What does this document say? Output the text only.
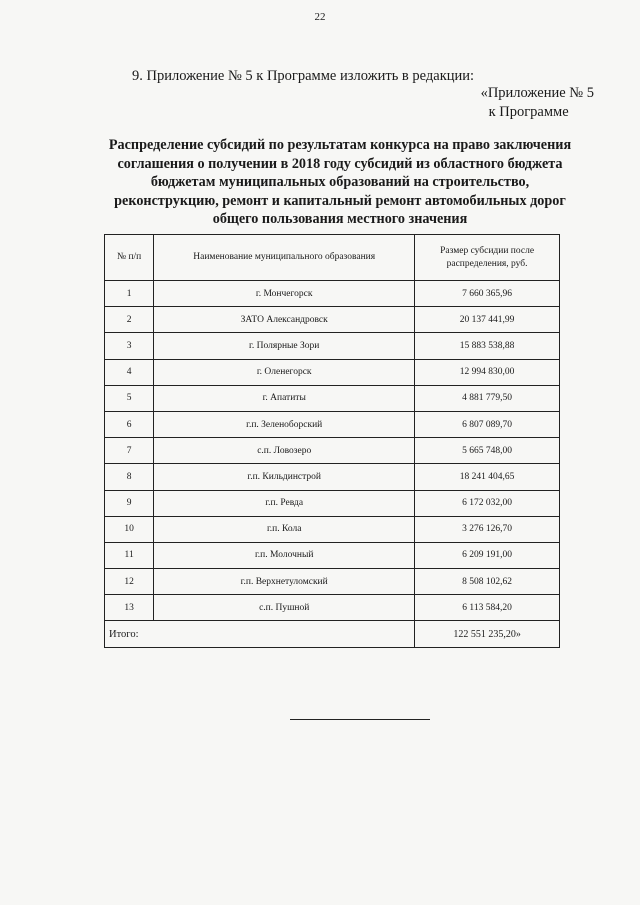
22
9. Приложение № 5 к Программе изложить в редакции:
«Приложение № 5
к Программе
Распределение субсидий по результатам конкурса на право заключения
соглашения о получении в 2018 году субсидий из областного бюджета
бюджетам муниципальных образований на строительство,
реконструкцию, ремонт и капитальный ремонт автомобильных дорог
общего пользования местного значения
№ п/п	Наименование муниципального образования	Размер субсидии после распределения, руб.
1	г. Мончегорск	7 660 365,96
2	ЗАТО Александровск	20 137 441,99
3	г. Полярные Зори	15 883 538,88
4	г. Оленегорск	12 994 830,00
5	г. Апатиты	4 881 779,50
6	г.п. Зеленоборский	6 807 089,70
7	с.п. Ловозеро	5 665 748,00
8	г.п. Кильдинстрой	18 241 404,65
9	г.п. Ревда	6 172 032,00
10	г.п. Кола	3 276 126,70
11	г.п. Молочный	6 209 191,00
12	г.п. Верхнетуломский	8 508 102,62
13	с.п. Пушной	6 113 584,20
Итого:		122 551 235,20»
